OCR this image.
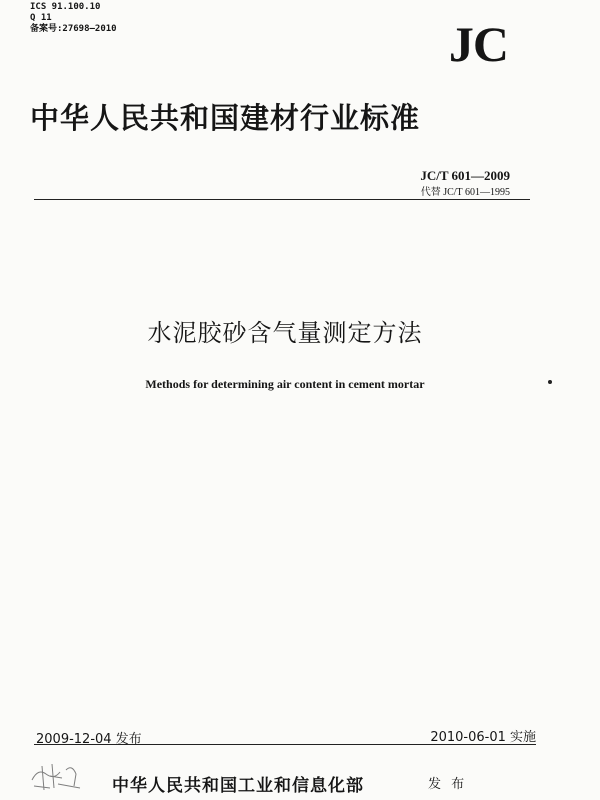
ICS 91.100.10
Q 11
备案号:27698—2010	JC
中华人民共和国建材行业标准
JC/T 601—2009
代替 JC/T 601—1995
水泥胶砂含气量测定方法
Methods for determining air content in cement mortar
2009-12-04 发布	2010-06-01 实施
中华人民共和国工业和信息化部	发 布
